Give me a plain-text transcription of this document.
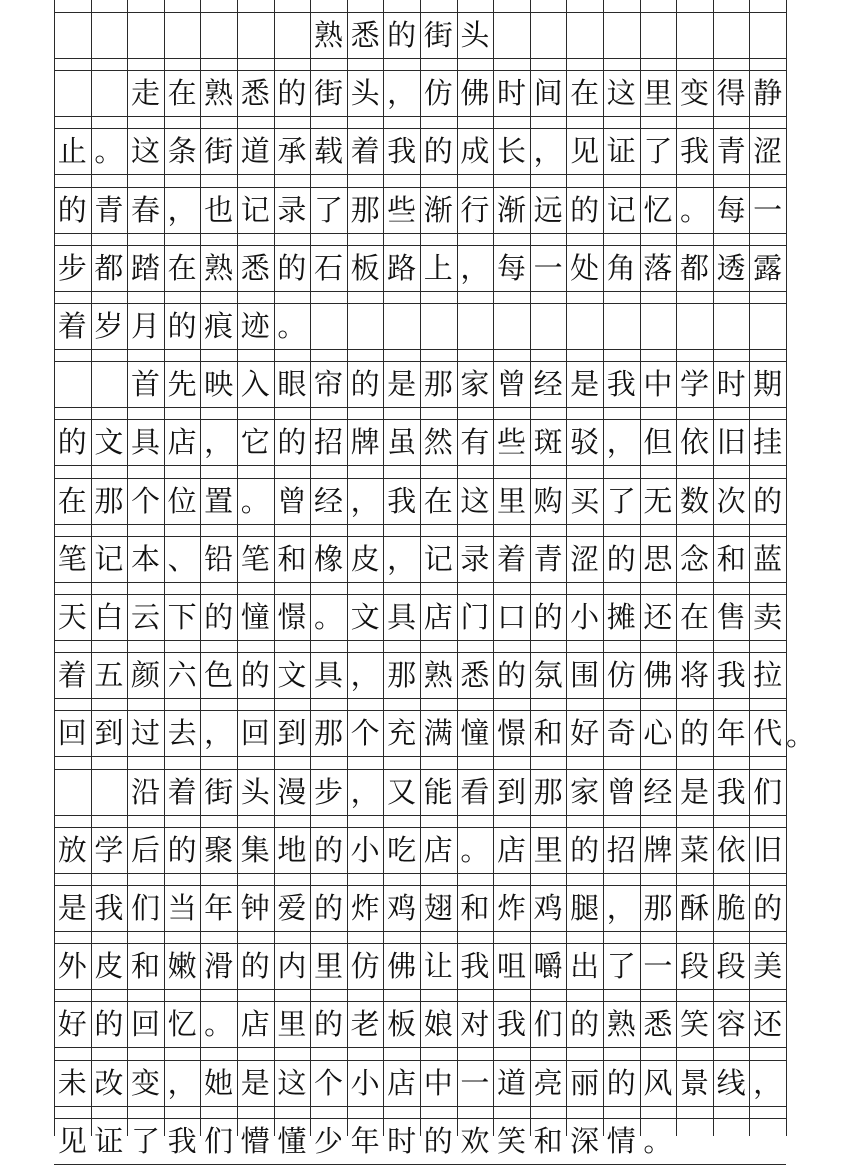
熟 悉 的 街 头
走 在 熟 悉 的 街 头 ， 仿 佛 时 间 在 这 里 变 得 静
止 。 这 条 街 道 承 载 着 我 的 成 长 ， 见 证 了 我 青 涩
的 青 春 ， 也 记 录 了 那 些 渐 行 渐 远 的 记 忆 。 每 一
步 都 踏 在 熟 悉 的 石 板 路 上 ， 每 一 处 角 落 都 透 露
着 岁 月 的 痕 迹 。
首 先 映 入 眼 帘 的 是 那 家 曾 经 是 我 中 学 时 期
的 文 具 店 ， 它 的 招 牌 虽 然 有 些 斑 驳 ， 但 依 旧 挂
在 那 个 位 置 。 曾 经 ， 我 在 这 里 购 买 了 无 数 次 的
笔 记 本 、 铅 笔 和 橡 皮 ， 记 录 着 青 涩 的 思 念 和 蓝
天 白 云 下 的 憧 憬 。 文 具 店 门 口 的 小 摊 还 在 售 卖
着 五 颜 六 色 的 文 具 ， 那 熟 悉 的 氛 围 仿 佛 将 我 拉
回 到 过 去 ， 回 到 那 个 充 满 憧 憬 和 好 奇 心 的 年 代 。
沿 着 街 头 漫 步 ， 又 能 看 到 那 家 曾 经 是 我 们
放 学 后 的 聚 集 地 的 小 吃 店 。 店 里 的 招 牌 菜 依 旧
是 我 们 当 年 钟 爱 的 炸 鸡 翅 和 炸 鸡 腿 ， 那 酥 脆 的
外 皮 和 嫩 滑 的 内 里 仿 佛 让 我 咀 嚼 出 了 一 段 段 美
好 的 回 忆 。 店 里 的 老 板 娘 对 我 们 的 熟 悉 笑 容 还
未 改 变 ， 她 是 这 个 小 店 中 一 道 亮 丽 的 风 景 线 ，
见 证 了 我 们 懵 懂 少 年 时 的 欢 笑 和 深 情 。
